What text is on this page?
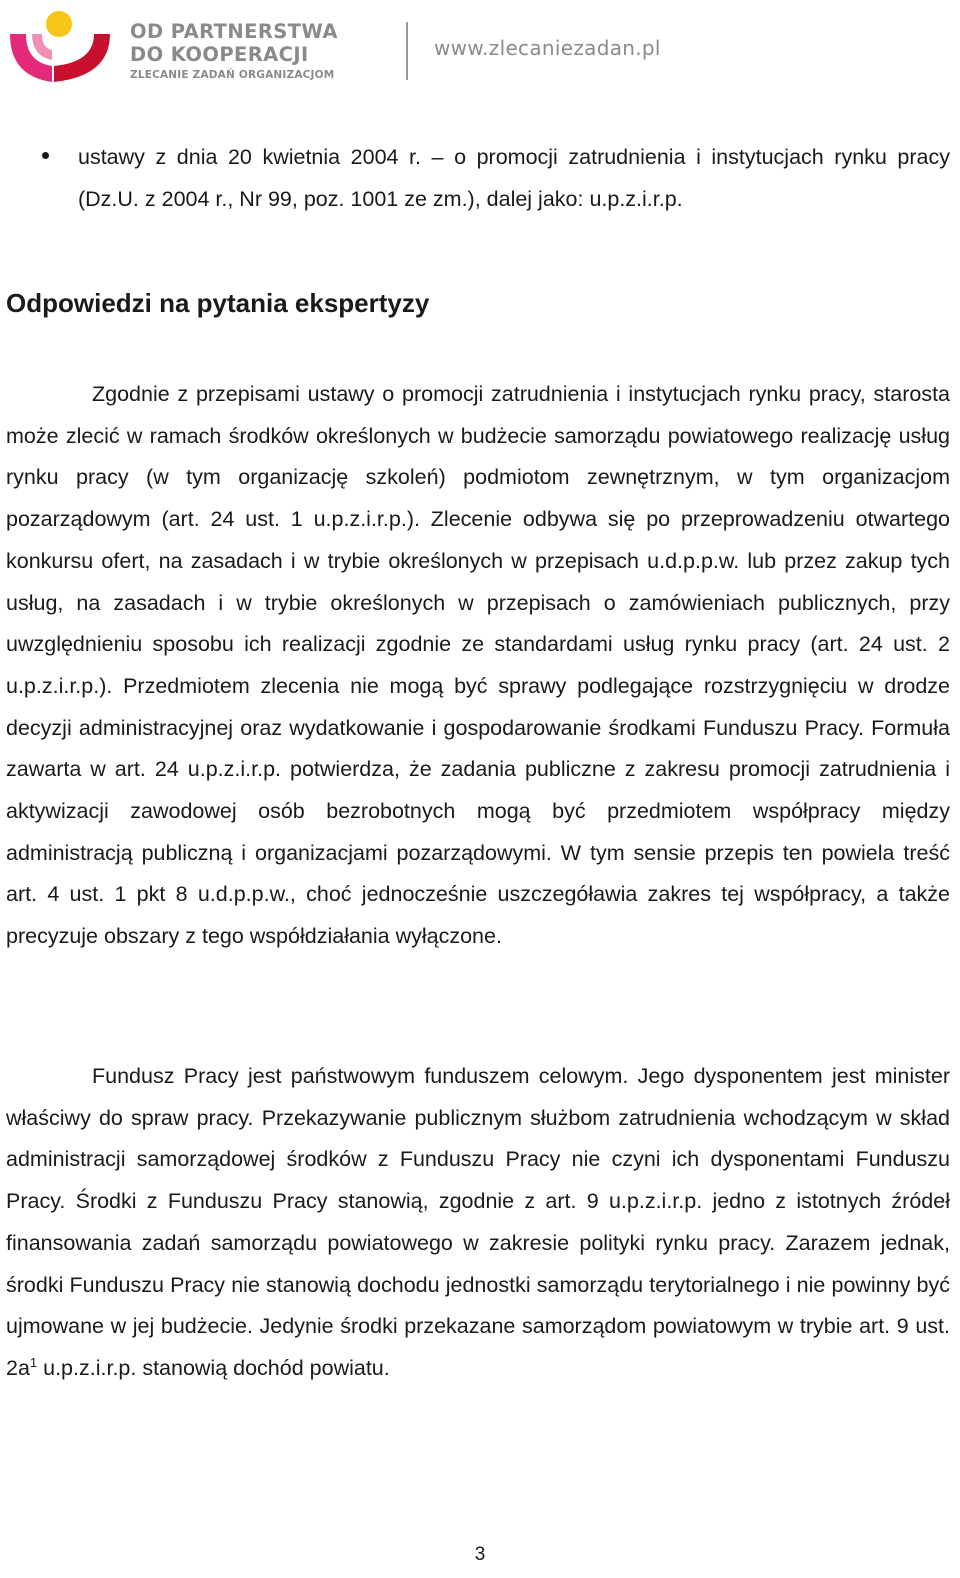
OD PARTNERSTWA
DO KOOPERACJI
ZLECANIE ZADAŃ ORGANIZACJOM
www.zlecaniezadan.pl
ustawy z dnia 20 kwietnia 2004 r. – o promocji zatrudnienia i instytucjach rynku pracy (Dz.U. z 2004 r., Nr 99, poz. 1001 ze zm.), dalej jako: u.p.z.i.r.p.
Odpowiedzi na pytania ekspertyzy

Zgodnie z przepisami ustawy o promocji zatrudnienia i instytucjach rynku pracy, starosta może zlecić w ramach środków określonych w budżecie samorządu powiatowego realizację usług rynku pracy (w tym organizację szkoleń) podmiotom zewnętrznym, w tym organizacjom pozarządowym (art. 24 ust. 1 u.p.z.i.r.p.). Zlecenie odbywa się po przeprowadzeniu otwartego konkursu ofert, na zasadach i w trybie określonych w przepisach u.d.p.p.w. lub przez zakup tych usług, na zasadach i w trybie określonych w przepisach o zamówieniach publicznych, przy uwzględnieniu sposobu ich realizacji zgodnie ze standardami usług rynku pracy (art. 24 ust. 2 u.p.z.i.r.p.). Przedmiotem zlecenia nie mogą być sprawy podlegające rozstrzygnięciu w drodze decyzji administracyjnej oraz wydatkowanie i gospodarowanie środkami Funduszu Pracy. Formuła zawarta w art. 24 u.p.z.i.r.p. potwierdza, że zadania publiczne z zakresu promocji zatrudnienia i aktywizacji zawodowej osób bezrobotnych mogą być przedmiotem współpracy między administracją publiczną i organizacjami pozarządowymi. W tym sensie przepis ten powiela treść art. 4 ust. 1 pkt 8 u.d.p.p.w., choć jednocześnie uszczegóławia zakres tej współpracy, a także precyzuje obszary z tego współdziałania wyłączone.

Fundusz Pracy jest państwowym funduszem celowym. Jego dysponentem jest minister właściwy do spraw pracy. Przekazywanie publicznym służbom zatrudnienia wchodzącym w skład administracji samorządowej środków z Funduszu Pracy nie czyni ich dysponentami Funduszu Pracy. Środki z Funduszu Pracy stanowią, zgodnie z art. 9 u.p.z.i.r.p. jedno z istotnych źródeł finansowania zadań samorządu powiatowego w zakresie polityki rynku pracy. Zarazem jednak, środki Funduszu Pracy nie stanowią dochodu jednostki samorządu terytorialnego i nie powinny być ujmowane w jej budżecie. Jedynie środki przekazane samorządom powiatowym w trybie art. 9 ust. $2a^1$ u.p.z.i.r.p. stanowią dochód powiatu.

3
